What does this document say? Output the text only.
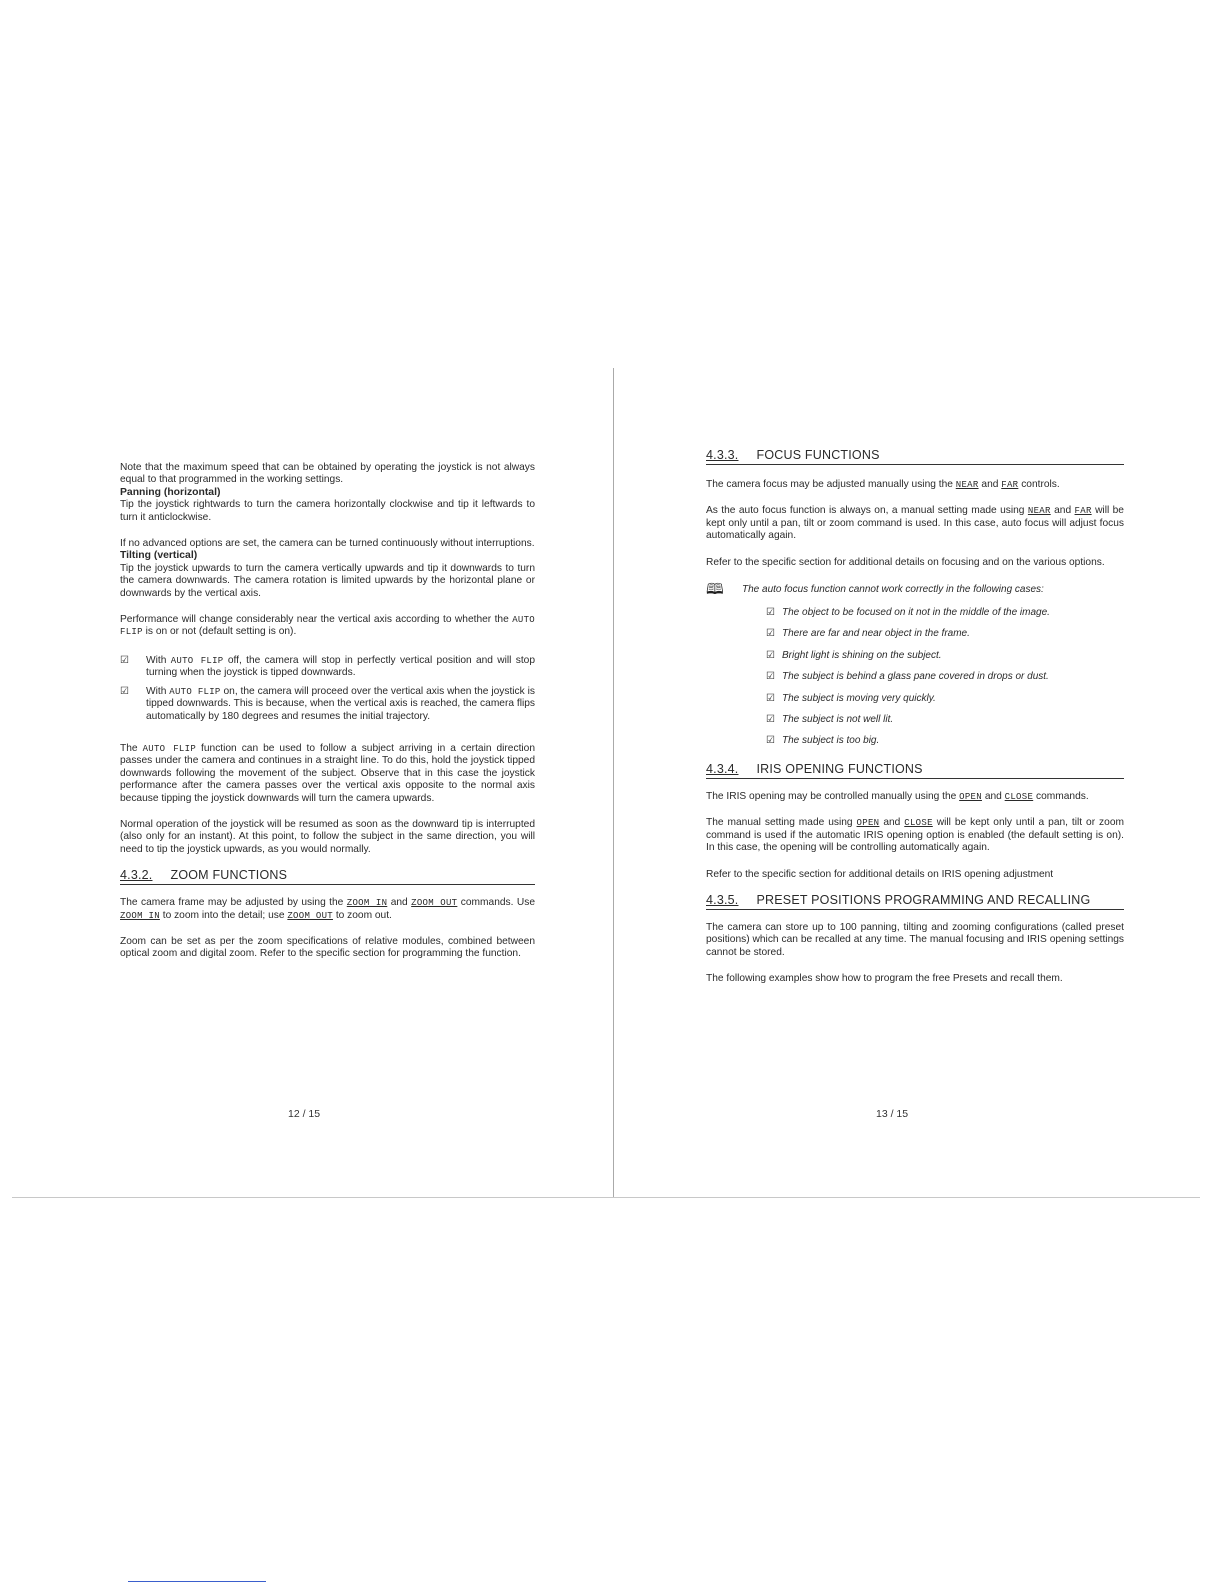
Note that the maximum speed that can be obtained by operating the joystick is not always equal to that programmed in the working settings.

Panning (horizontal)

Tip the joystick rightwards to turn the camera horizontally clockwise and tip it leftwards to turn it anticlockwise.

If no advanced options are set, the camera can be turned continuously without interruptions.

Tilting (vertical)

Tip the joystick upwards to turn the camera vertically upwards and tip it downwards to turn the camera downwards. The camera rotation is limited upwards by the horizontal plane or downwards by the vertical axis.

Performance will change considerably near the vertical axis according to whether the AUTO FLIP is on or not (default setting is on).

☑	With AUTO FLIP off, the camera will stop in perfectly vertical position and will stop turning when the joystick is tipped downwards.
☑	With AUTO FLIP on, the camera will proceed over the vertical axis when the joystick is tipped downwards. This is because, when the vertical axis is reached, the camera flips automatically by 180 degrees and resumes the initial trajectory.

The AUTO FLIP function can be used to follow a subject arriving in a certain direction passes under the camera and continues in a straight line. To do this, hold the joystick tipped downwards following the movement of the subject. Observe that in this case the joystick performance after the camera passes over the vertical axis opposite to the normal axis because tipping the joystick downwards will turn the camera upwards.

Normal operation of the joystick will be resumed as soon as the downward tip is interrupted (also only for an instant). At this point, to follow the subject in the same direction, you will need to tip the joystick upwards, as you would normally.

4.3.2. ZOOM FUNCTIONS

The camera frame may be adjusted by using the ZOOM IN and ZOOM OUT commands. Use ZOOM IN to zoom into the detail; use ZOOM OUT to zoom out.

Zoom can be set as per the zoom specifications of relative modules, combined between optical zoom and digital zoom. Refer to the specific section for programming the function.

12 / 15
4.3.3. FOCUS FUNCTIONS

The camera focus may be adjusted manually using the NEAR and FAR controls.

As the auto focus function is always on, a manual setting made using NEAR and FAR will be kept only until a pan, tilt or zoom command is used. In this case, auto focus will adjust focus automatically again.

Refer to the specific section for additional details on focusing and on the various options.

🕮	The auto focus function cannot work correctly in the following cases:
☑ The object to be focused on it not in the middle of the image.
☑ There are far and near object in the frame.
☑ Bright light is shining on the subject.
☑ The subject is behind a glass pane covered in drops or dust.
☑ The subject is moving very quickly.
☑ The subject is not well lit.
☑ The subject is too big.
4.3.4. IRIS OPENING FUNCTIONS

The IRIS opening may be controlled manually using the OPEN and CLOSE commands.

The manual setting made using OPEN and CLOSE will be kept only until a pan, tilt or zoom command is used if the automatic IRIS opening option is enabled (the default setting is on). In this case, the opening will be controlling automatically again.

Refer to the specific section for additional details on IRIS opening adjustment

4.3.5. PRESET POSITIONS PROGRAMMING AND RECALLING

The camera can store up to 100 panning, tilting and zooming configurations (called preset positions) which can be recalled at any time. The manual focusing and IRIS opening settings cannot be stored.

The following examples show how to program the free Presets and recall them.

13 / 15
